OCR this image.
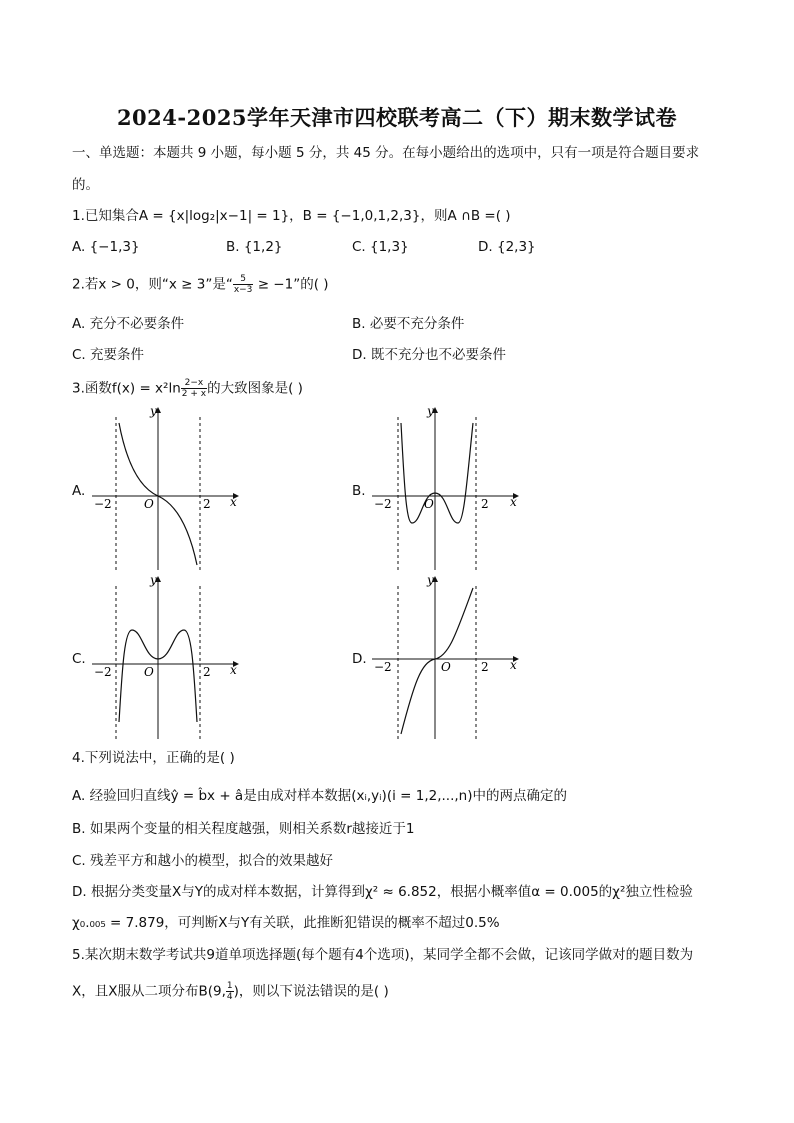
2024-2025学年天津市四校联考高二（下）期末数学试卷
一、单选题：本题共 9 小题，每小题 5 分，共 45 分。在每小题给出的选项中，只有一项是符合题目要求
的。
1.已知集合A = {x|log₂|x−1| = 1}，B = {−1,0,1,2,3}，则A ∩B =( )
A. {−1,3}	B. {1,2}	C. {1,3}	D. {2,3}
2.若x > 0，则“x ≥ 3”是“ $\frac{5}{x-3} \ge -1$”的( )
A. 充分不必要条件	B. 必要不充分条件
C. 充要条件	D. 既不充分也不必要条件
3.函数$f(x) = x^2\ln \frac{2-x}{2 + x}$ 的大致图象是( )
A.
y
x
O
−2	2
B.
y
x
O
−2	2
C.
y
x
O
−2	2
D.
y
x
O
−2	2
4.下列说法中，正确的是( )
A. 经验回归直线ŷ = b̂x + â是由成对样本数据(xᵢ,yᵢ)(i = 1,2,...,n)中的两点确定的
B. 如果两个变量的相关程度越强，则相关系数r越接近于1
C. 残差平方和越小的模型，拟合的效果越好
D. 根据分类变量X与Y的成对样本数据，计算得到χ² ≈ 6.852，根据小概率值α = 0.005的χ²独立性检验
χ₀.₀₀₅ = 7.879，可判断X与Y有关联，此推断犯错误的概率不超过0.5%
5.某次期末数学考试共9道单项选择题(每个题有4个选项)，某同学全都不会做，记该同学做对的题目数为
X，且X服从二项分布B(9, $\frac{1}{4}$ )，则以下说法错误的是( )
